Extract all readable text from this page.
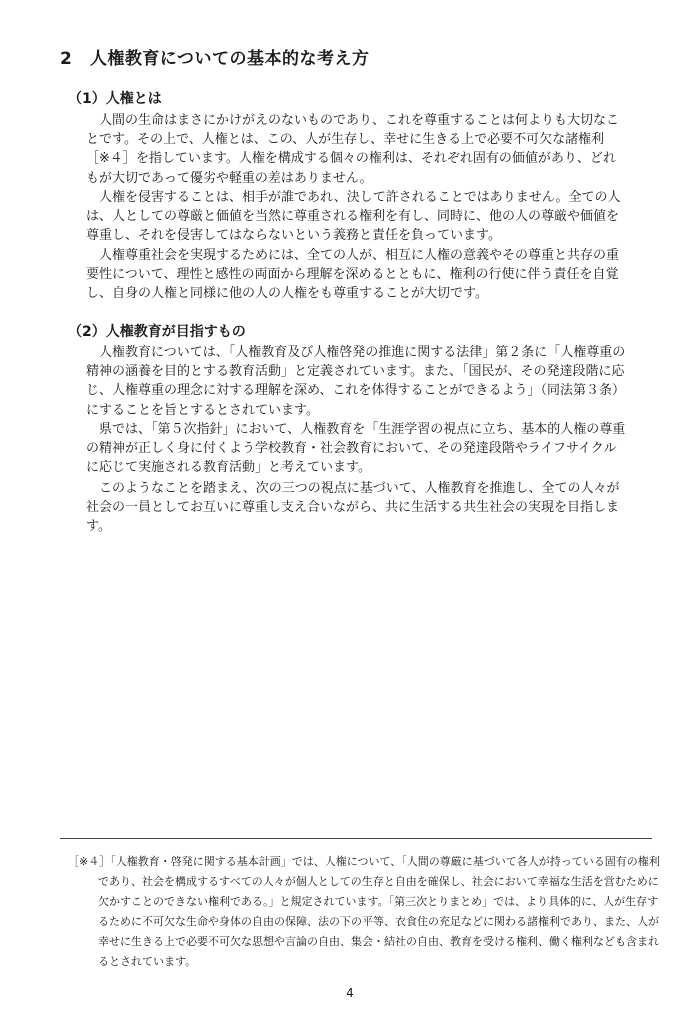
2　人権教育についての基本的な考え方
（1）人権とは

人間の生命はまさにかけがえのないものであり、これを尊重することは何よりも大切なことです。その上で、人権とは、この、人が生存し、幸せに生きる上で必要不可欠な諸権利［※４］を指しています。人権を構成する個々の権利は、それぞれ固有の価値があり、どれもが大切であって優劣や軽重の差はありません。

人権を侵害することは、相手が誰であれ、決して許されることではありません。全ての人は、人としての尊厳と価値を当然に尊重される権利を有し、同時に、他の人の尊厳や価値を尊重し、それを侵害してはならないという義務と責任を負っています。

人権尊重社会を実現するためには、全ての人が、相互に人権の意義やその尊重と共存の重要性について、理性と感性の両面から理解を深めるとともに、権利の行使に伴う責任を自覚し、自身の人権と同様に他の人の人権をも尊重することが大切です。

（2）人権教育が目指すもの

人権教育については、「人権教育及び人権啓発の推進に関する法律」第２条に「人権尊重の精神の涵養を目的とする教育活動」と定義されています。また、「国民が、その発達段階に応じ、人権尊重の理念に対する理解を深め、これを体得することができるよう」（同法第３条）にすることを旨とするとされています。

県では、「第５次指針」において、人権教育を「生涯学習の視点に立ち、基本的人権の尊重の精神が正しく身に付くよう学校教育・社会教育において、その発達段階やライフサイクルに応じて実施される教育活動」と考えています。

このようなことを踏まえ、次の三つの視点に基づいて、人権教育を推進し、全ての人々が社会の一員としてお互いに尊重し支え合いながら、共に生活する共生社会の実現を目指します。

［※４］「人権教育・啓発に関する基本計画」では、人権について、「人間の尊厳に基づいて各人が持っている固有の権利であり、社会を構成するすべての人々が個人としての生存と自由を確保し、社会において幸福な生活を営むために欠かすことのできない権利である。」と規定されています。「第三次とりまとめ」では、より具体的に、人が生存するために不可欠な生命や身体の自由の保障、法の下の平等、衣食住の充足などに関わる諸権利であり、また、人が幸せに生きる上で必要不可欠な思想や言論の自由、集会・結社の自由、教育を受ける権利、働く権利なども含まれるとされています。

4
